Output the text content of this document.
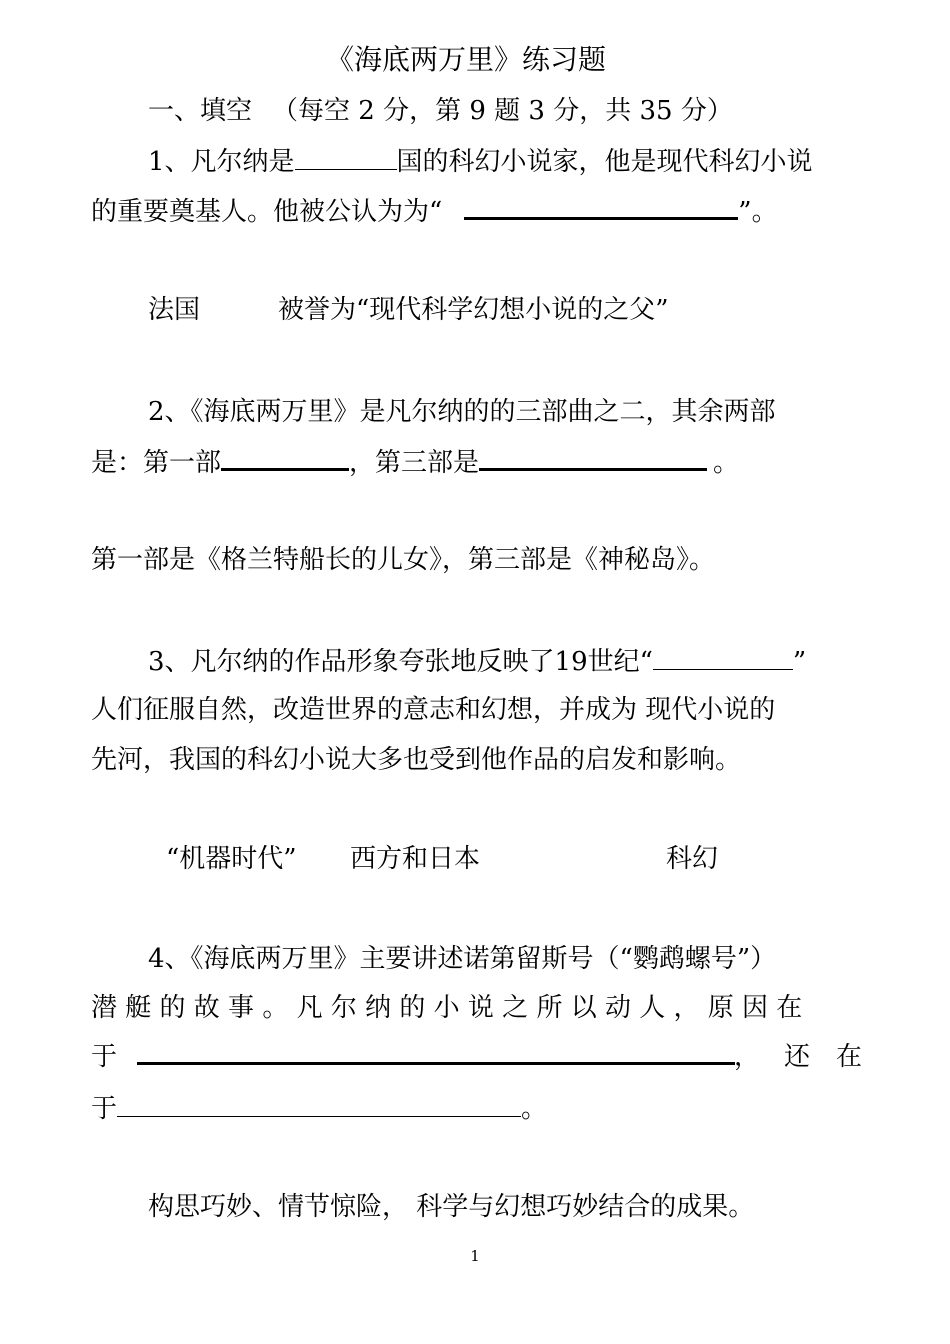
《海底两万里》练习题
一、填空 （每空 2 分，第 9 题 3 分，共 35 分）
1、凡尔纳是	国的科幻小说家，他是现代科幻小说
的重要奠基人。他被公认为为“	”。
法国	被誉为“现代科学幻想小说的之父”
2、《海底两万里》是凡尔纳的的三部曲之二，其余两部
是：第一部	，第三部是	。
第一部是《格兰特船长的儿女》，第三部是《神秘岛》。
3、凡尔纳的作品形象夸张地反映了19世纪“	”
人们征服自然，改造世界的意志和幻想，并成为 现代小说的
先河，我国的科幻小说大多也受到他作品的启发和影响。
“机器时代” 西方和日本	科幻
4、《海底两万里》主要讲述诺第留斯号（“鹦鹉螺号”）
潜 艇 的 故 事 。 凡 尔 纳 的 小 说 之 所 以 动 人 ， 原 因 在
于	， 还　在
于	。
构思巧妙、情节惊险， 科学与幻想巧妙结合的成果。
1
